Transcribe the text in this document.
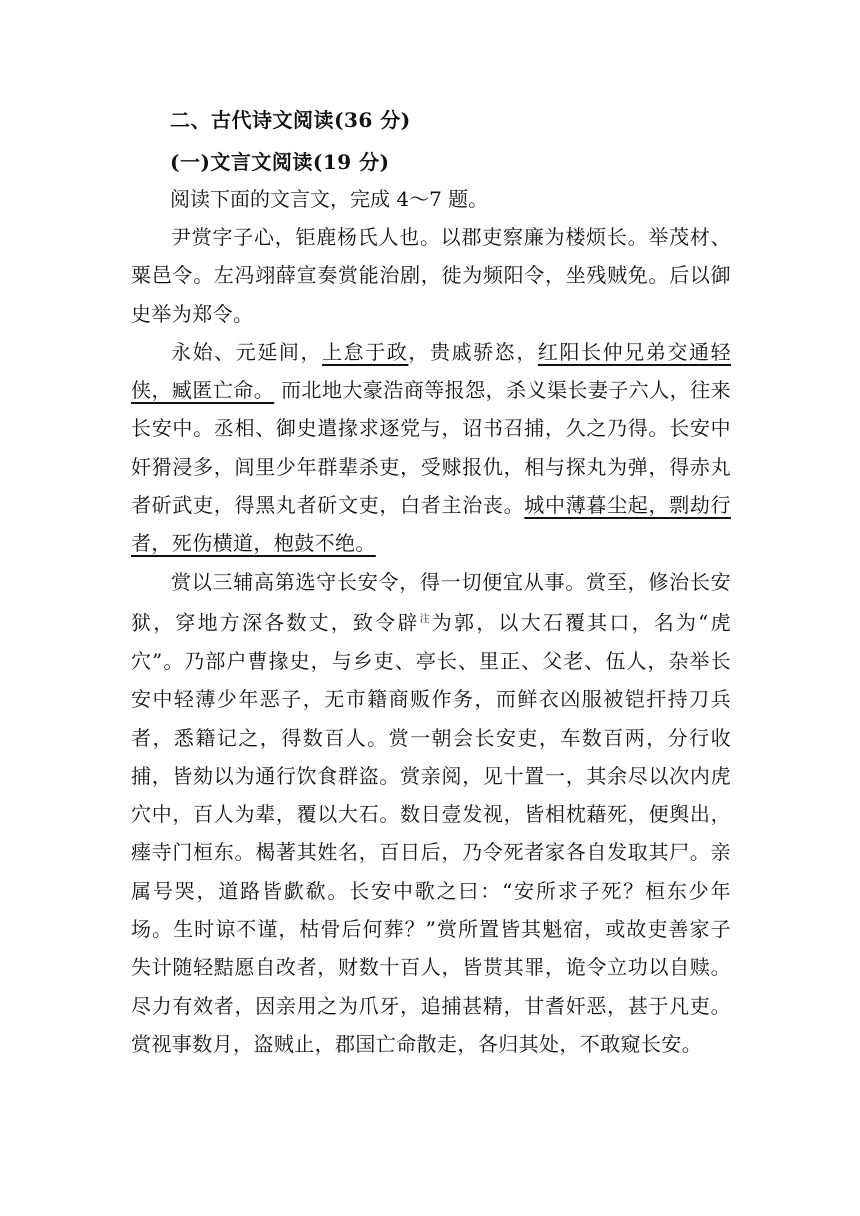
二、古代诗文阅读(36 分)
(一)文言文阅读(19 分)
阅读下面的文言文，完成 4～7 题。

尹赏字子心，钜鹿杨氏人也。以郡吏察廉为楼烦长。举茂材、粟邑令。左冯翊薛宣奏赏能治剧，徙为频阳令，坐残贼免。后以御史举为郑令。

永始、元延间，上怠于政，贵戚骄恣，红阳长仲兄弟交通轻侠，臧匿亡命。 而北地大豪浩商等报怨，杀义渠长妻子六人，往来长安中。丞相、御史遣掾求逐党与，诏书召捕，久之乃得。长安中奸猾浸多，闾里少年群辈杀吏，受赇报仇，相与探丸为弹，得赤丸者斫武吏，得黑丸者斫文吏，白者主治丧。城中薄暮尘起，剽劫行者，死伤横道，枹鼓不绝。

赏以三辅高第选守长安令，得一切便宜从事。赏至，修治长安狱，穿地方深各数丈，致令辟$^注$为郭，以大石覆其口，名为“虎穴”。乃部户曹掾史，与乡吏、亭长、里正、父老、伍人，杂举长安中轻薄少年恶子，无市籍商贩作务，而鲜衣凶服被铠扞持刀兵者，悉籍记之，得数百人。赏一朝会长安吏，车数百两，分行收捕，皆劾以为通行饮食群盗。赏亲阅，见十置一，其余尽以次内虎穴中，百人为辈，覆以大石。数日壹发视，皆相枕藉死，便舆出，瘗寺门桓东。楬著其姓名，百日后，乃令死者家各自发取其尸。亲属号哭，道路皆歔欷。长安中歌之曰：“安所求子死？桓东少年场。生时谅不谨，枯骨后何葬？”赏所置皆其魁宿，或故吏善家子失计随轻黠愿自改者，财数十百人，皆贳其罪，诡令立功以自赎。尽力有效者，因亲用之为爪牙，追捕甚精，甘耆奸恶，甚于凡吏。赏视事数月，盗贼止，郡国亡命散走，各归其处，不敢窥长安。
